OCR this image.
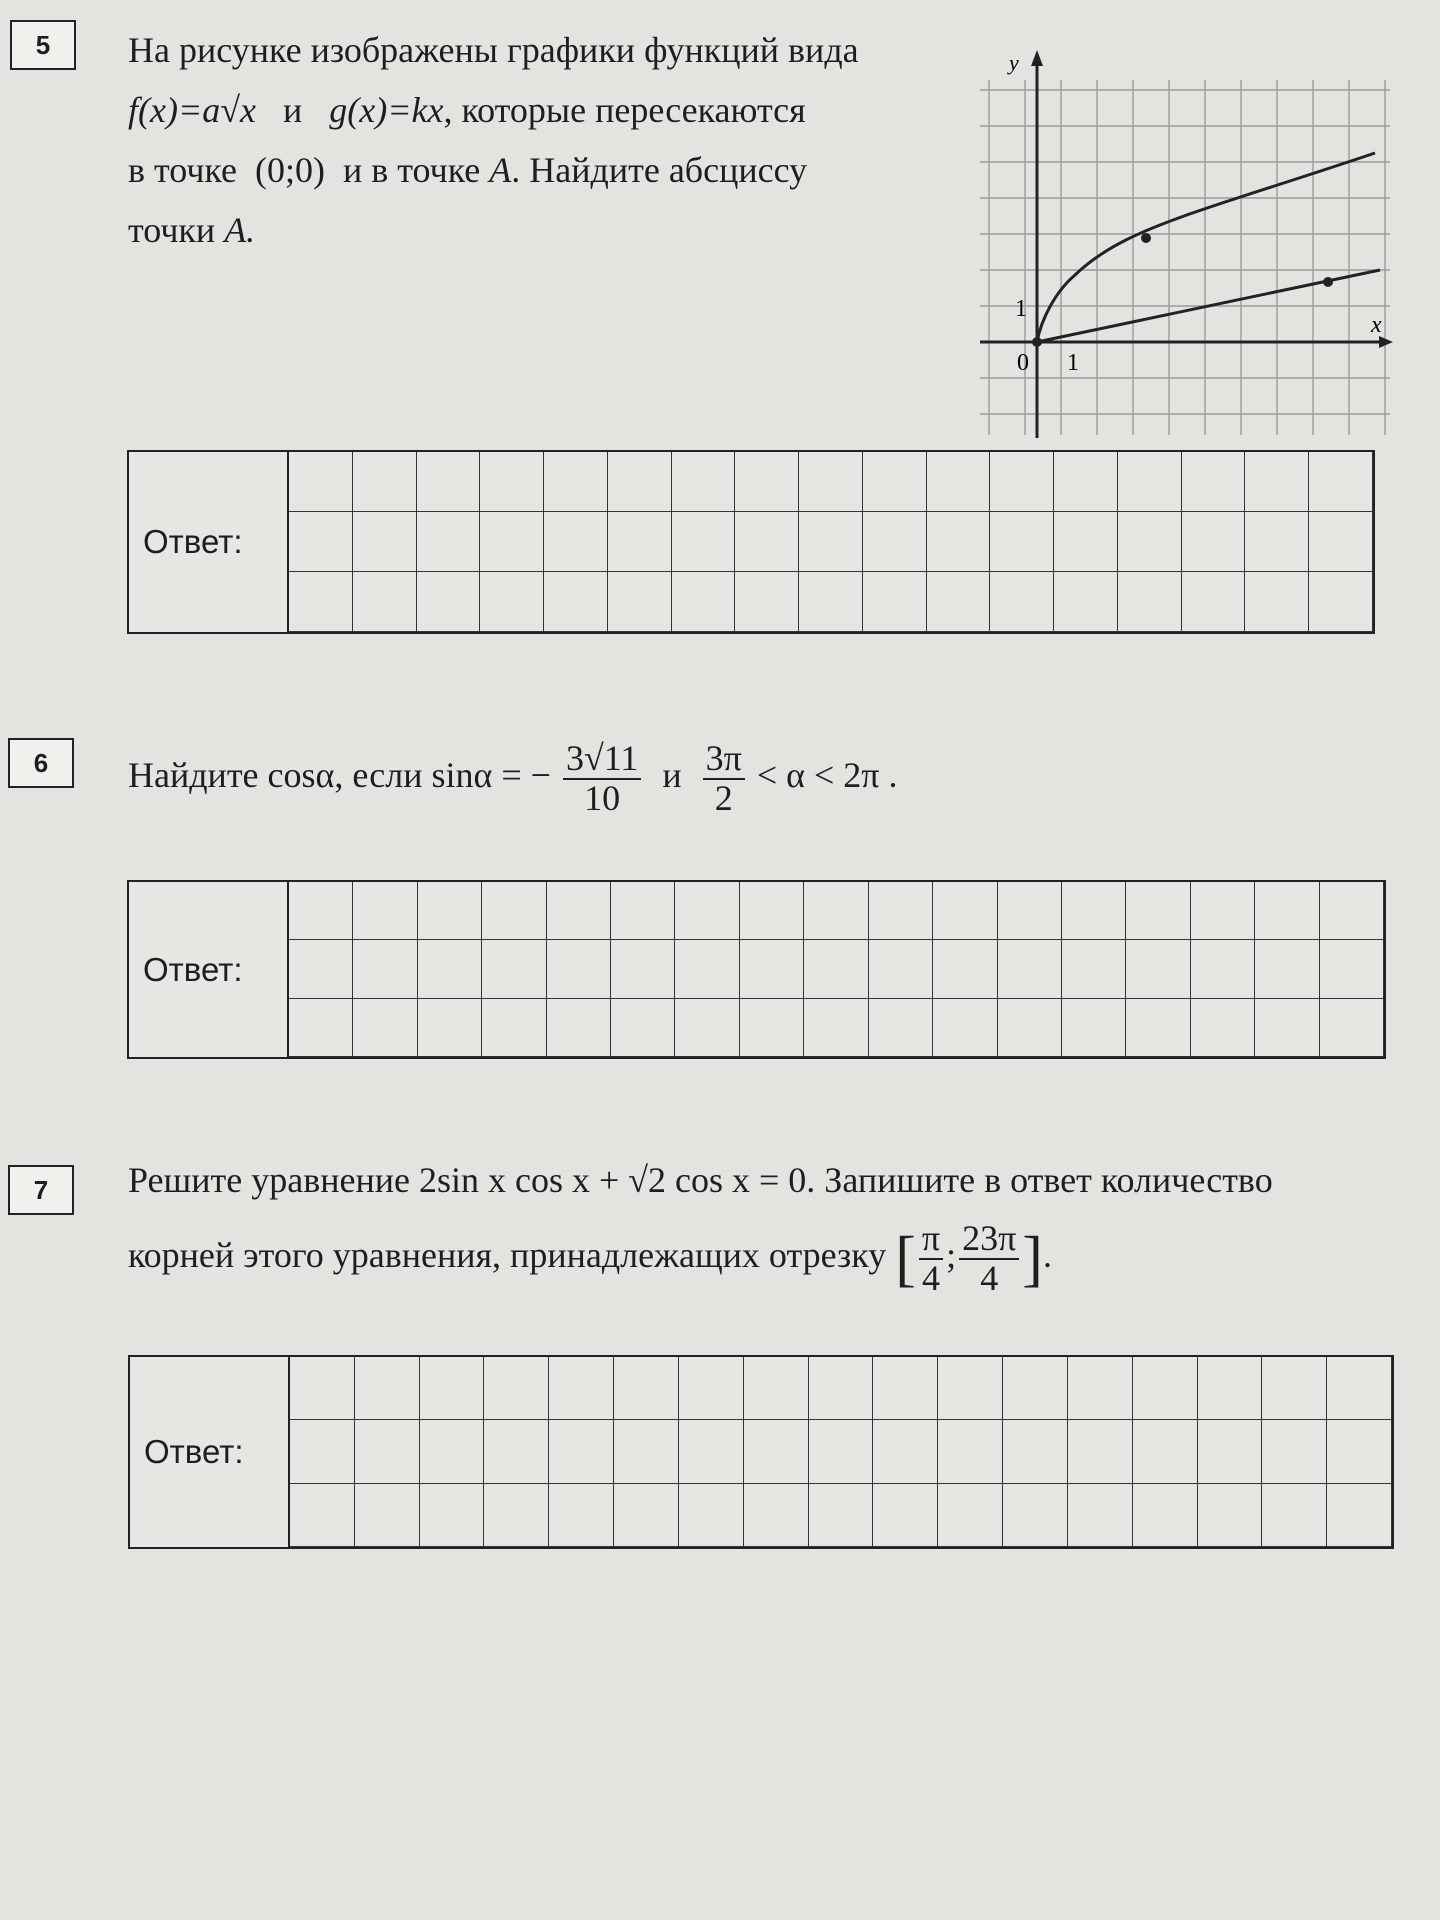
5 На рисунке изображены графики функций вида
f(x)=a√x и g(x)=kx, которые пересекаются
в точке (0;0) и в точке A. Найдите абсциссу
точки A.
y
x
0 1
1
Ответ:
6 Найдите cosα, если sinα = − $\frac{3√11}{10}$ и $\frac{3\pi}{2} < \alpha < 2\pi$ .
Ответ:
7 Решите уравнение 2sin x cos x + √2 cos x = 0. Запишите в ответ количество
корней этого уравнения, принадлежащих отрезку [ $\frac{\pi}{4}$ ; $\frac{23\pi}{4}$ ].
Ответ:
